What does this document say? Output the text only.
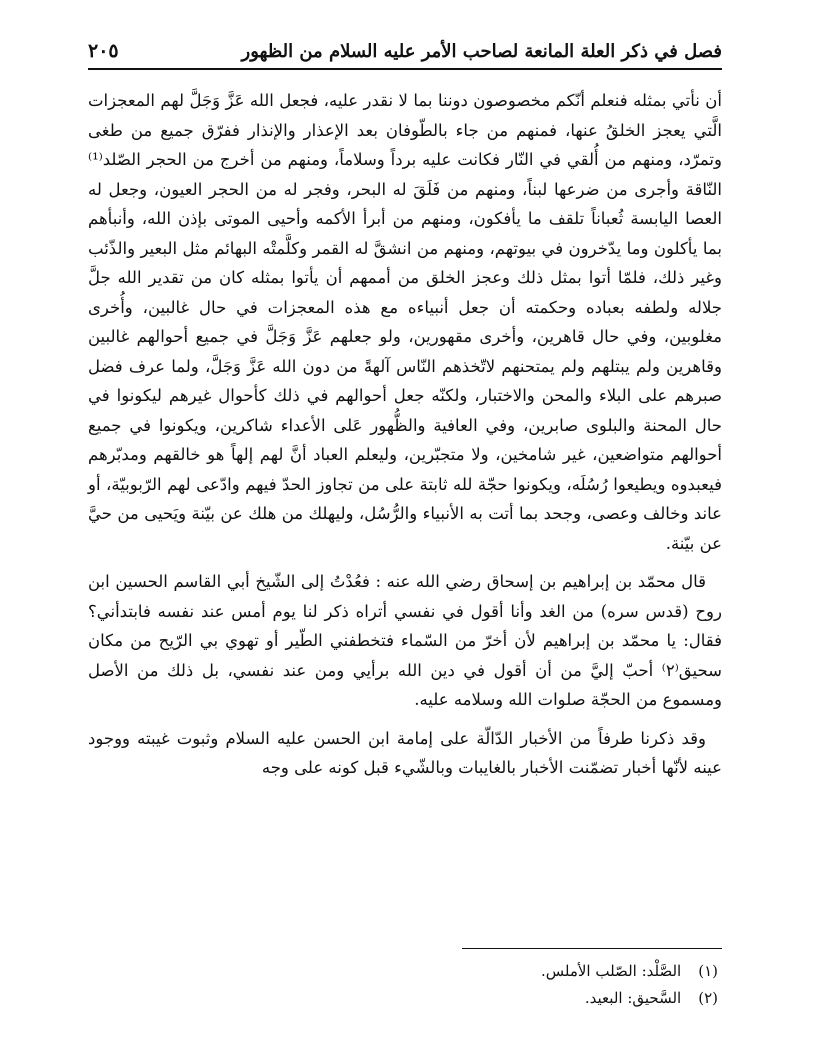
فصل في ذكر العلة المانعة لصاحب الأمر عليه السلام من الظهور
٢٠٥

أن نأتي بمثله فنعلم أنّكم مخصوصون دوننا بما لا نقدر عليه، فجعل الله عَزَّ وَجَلَّ لهم المعجزات الَّتي يعجز الخلقُ عنها، فمنهم من جاء بالطّوفان بعد الإعذار والإنذار ففرّق جميع من طغى وتمرّد، ومنهم من أُلقي في النّار فكانت عليه برداً وسلاماً، ومنهم من أخرج من الحجر الصّلد⁽¹⁾ النّاقة وأجرى من ضرعها لبناً، ومنهم من فَلَقَ له البحر، وفجر له من الحجر العيون، وجعل له العصا اليابسة ثُعباناً تلقف ما يأفكون، ومنهم من أبرأ الأكمه وأحيى الموتى بإذن الله، وأنبأهم بما يأكلون وما يدّخرون في بيوتهم، ومنهم من انشقَّ له القمر وكلَّمتْه البهائم مثل البعير والذّئب وغير ذلك، فلمّا أتوا بمثل ذلك وعجز الخلق من أممهم أن يأتوا بمثله كان من تقدير الله جلَّ جلاله ولطفه بعباده وحكمته أن جعل أنبياءه مع هذه المعجزات في حال غالبين، وأُخرى مغلوبين، وفي حال قاهرين، وأخرى مقهورين، ولو جعلهم عَزَّ وَجَلَّ في جميع أحوالهم غالبين وقاهرين ولم يبتلهم ولم يمتحنهم لاتّخذهم النّاس آلهةً من دون الله عَزَّ وَجَلَّ، ولما عرف فضل صبرهم على البلاء والمحن والاختبار، ولكنّه جعل أحوالهم في ذلك كأحوال غيرهم ليكونوا في حال المحنة والبلوى صابرين، وفي العافية والظُّهور عَلى الأعداء شاكرين، ويكونوا في جميع أحوالهم متواضعين، غير شامخين، ولا متجبّرين، وليعلم العباد أنَّ لهم إلهاً هو خالقهم ومدبّرهم فيعبدوه ويطيعوا رُسُلَه، ويكونوا حجّة لله ثابتة على من تجاوز الحدّ فيهم وادّعى لهم الرّبوبيّة، أو عاند وخالف وعصى، وجحد بما أتت به الأنبياء والرُّسُل، وليهلك من هلك عن بيّنة ويَحيى من حيَّ عن بيّنة.

قال محمّد بن إبراهيم بن إسحاق رضي الله عنه : فعُدْتُ إلى الشّيخ أبي القاسم الحسين ابن روح (قدس سره) من الغد وأنا أقول في نفسي أتراه ذكر لنا يوم أمس عند نفسه فابتدأني؟ فقال: يا محمّد بن إبراهيم لأن أخرّ من السّماء فتخطفني الطّير أو تهوي بي الرّيح من مكان سحيق⁽٢⁾ أحبّ إليَّ من أن أقول في دين الله برأيي ومن عند نفسي، بل ذلك من الأصل ومسموع من الحجّة صلوات الله وسلامه عليه.

وقد ذكرنا طرفاً من الأخبار الدّالّة على إمامة ابن الحسن عليه السلام وثبوت غيبته ووجود عينه لأنّها أخبار تضمّنت الأخبار بالغايبات وبالشّيء قبل كونه على وجه

(١) الصَّلْد: الصّلب الأملس.
(٢) السَّحيق: البعيد.
